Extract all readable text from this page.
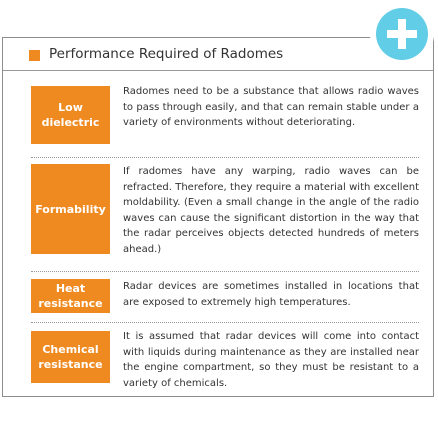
Performance Required of Radomes
Low
dielectric
Radomes need to be a substance that allows radio waves to pass through easily, and that can remain stable under a variety of environments without deteriorating.
Formability
If radomes have any warping, radio waves can be refracted. Therefore, they require a material with excellent moldability. (Even a small change in the angle of the radio waves can cause the significant distortion in the way that the radar perceives objects detected hundreds of meters ahead.)
Heat
resistance
Radar devices are sometimes installed in locations that are exposed to extremely high temperatures.
Chemical
resistance
It is assumed that radar devices will come into contact with liquids during maintenance as they are installed near the engine compartment, so they must be resistant to a variety of chemicals.
